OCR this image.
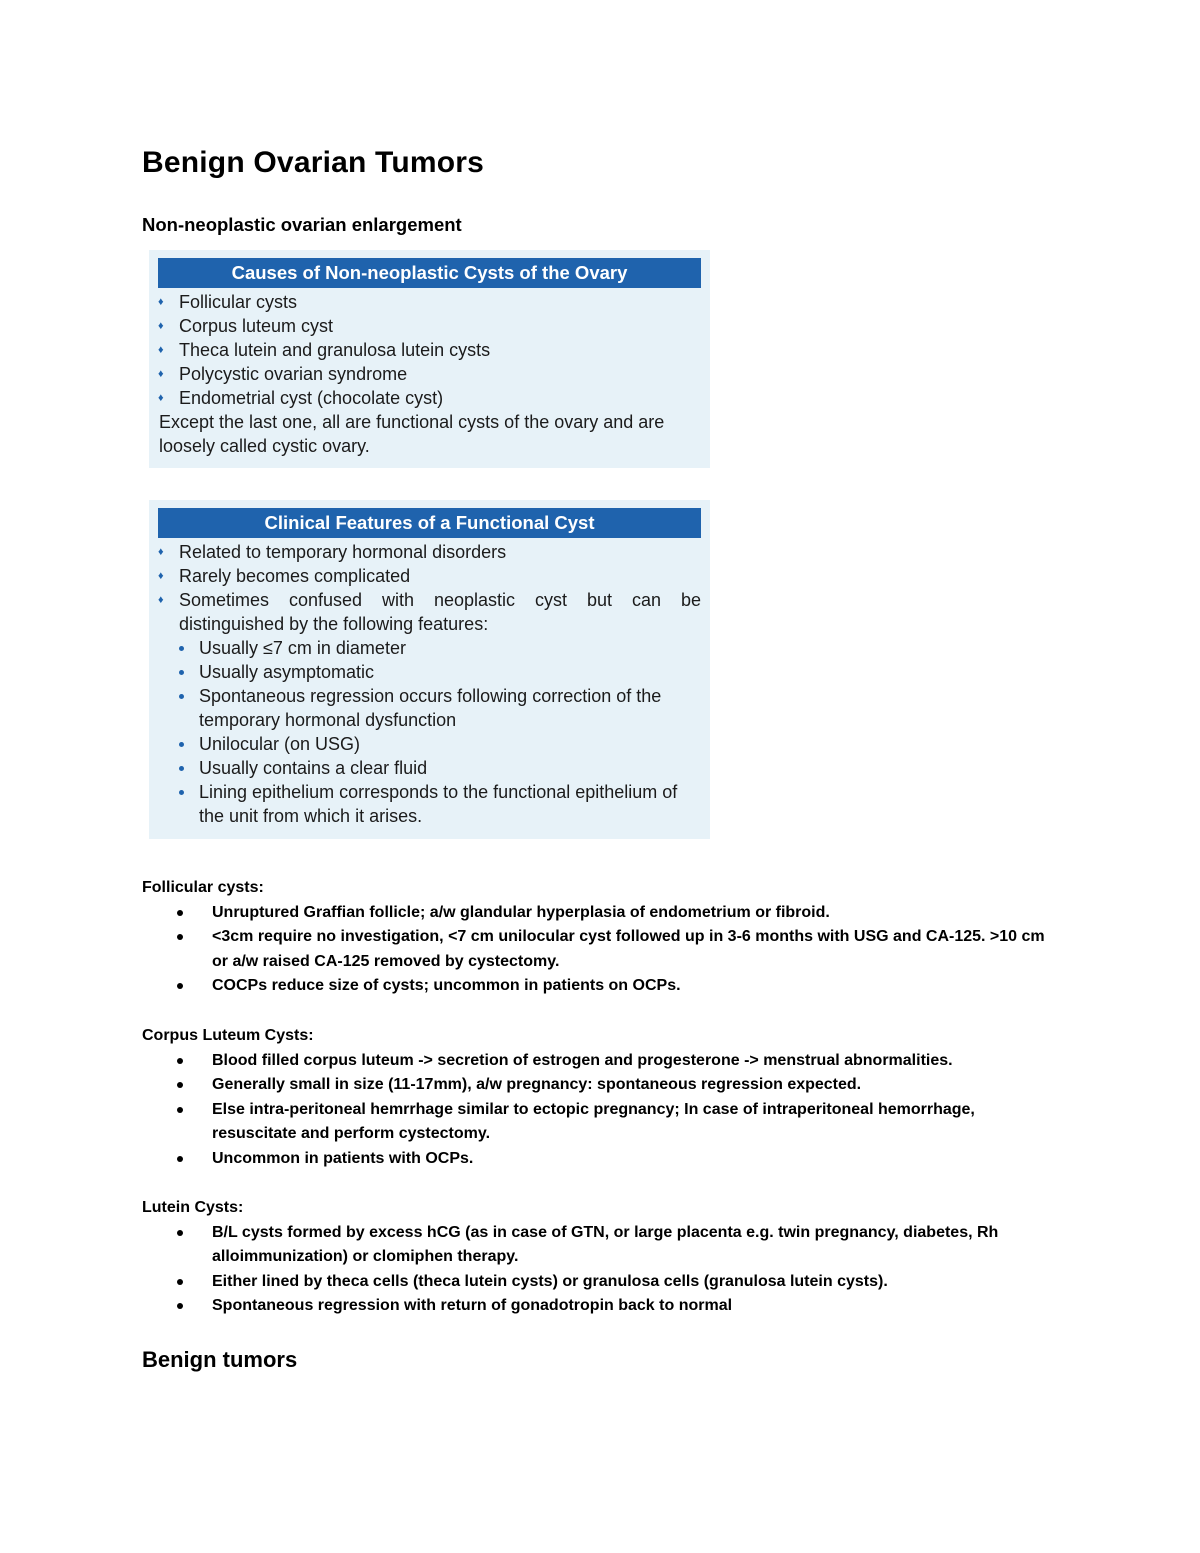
Benign Ovarian Tumors
Non-neoplastic ovarian enlargement
Causes of Non-neoplastic Cysts of the Ovary
♦ Follicular cysts
♦ Corpus luteum cyst
♦ Theca lutein and granulosa lutein cysts
♦ Polycystic ovarian syndrome
♦ Endometrial cyst (chocolate cyst)

Except the last one, all are functional cysts of the ovary and are loosely called cystic ovary.

Clinical Features of a Functional Cyst
♦ Related to temporary hormonal disorders
♦ Rarely becomes complicated
♦ Sometimes confused with neoplastic cyst but can be distinguished by the following features:
Usually ≤7 cm in diameter
Usually asymptomatic
Spontaneous regression occurs following correction of the temporary hormonal dysfunction
Unilocular (on USG)
Usually contains a clear fluid
Lining epithelium corresponds to the functional epithelium of the unit from which it arises.

Follicular cysts:

Unruptured Graffian follicle; a/w glandular hyperplasia of endometrium or fibroid.
<3cm require no investigation, <7 cm unilocular cyst followed up in 3-6 months with USG and CA-125. >10 cm or a/w raised CA-125 removed by cystectomy.
COCPs reduce size of cysts; uncommon in patients on OCPs.

Corpus Luteum Cysts:

Blood filled corpus luteum -> secretion of estrogen and progesterone -> menstrual abnormalities.
Generally small in size (11-17mm), a/w pregnancy: spontaneous regression expected.
Else intra-peritoneal hemrrhage similar to ectopic pregnancy; In case of intraperitoneal hemorrhage, resuscitate and perform cystectomy.
Uncommon in patients with OCPs.

Lutein Cysts:

B/L cysts formed by excess hCG (as in case of GTN, or large placenta e.g. twin pregnancy, diabetes, Rh alloimmunization) or clomiphen therapy.
Either lined by theca cells (theca lutein cysts) or granulosa cells (granulosa lutein cysts).
Spontaneous regression with return of gonadotropin back to normal
Benign tumors
